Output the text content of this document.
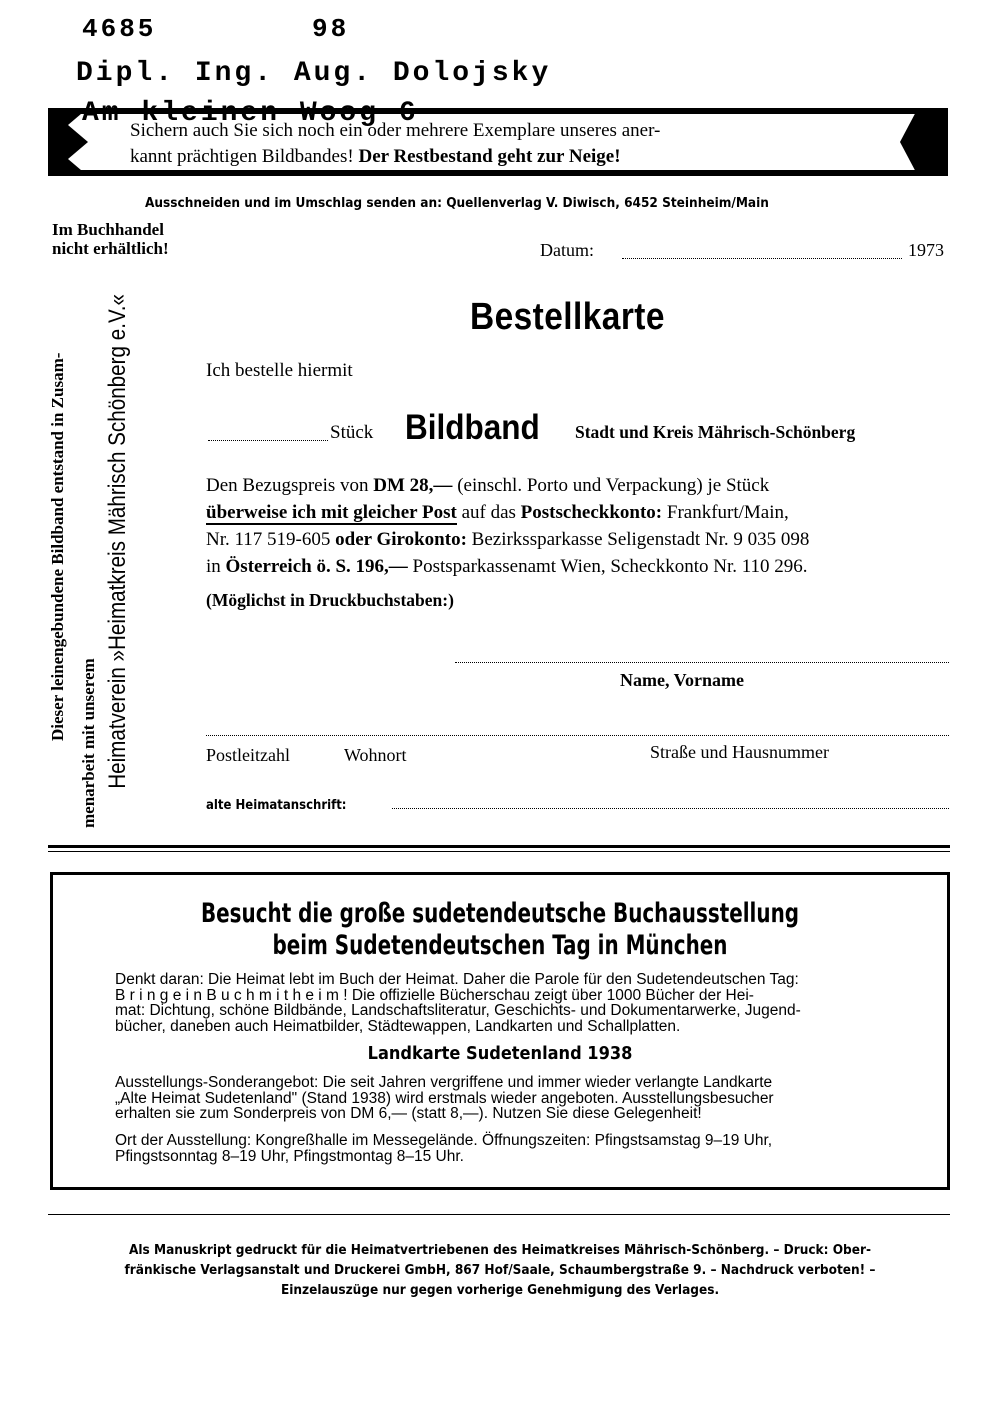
4685	98
Dipl. Ing. Aug. Dolojsky
Am kleinen Woog 6
Sichern auch Sie sich noch ein oder mehrere Exemplare unseres aner-
kannt prächtigen Bildbandes! Der Restbestand geht zur Neige!
Ausschneiden und im Umschlag senden an: Quellenverlag V. Diwisch, 6452 Steinheim/Main
Im Buchhandel
nicht erhältlich!	Datum:	1973
Dieser leinengebundene Bildband entstand in Zusam-
menarbeit mit unserem Heimatverein »Heimatkreis Mährisch Schönberg e.V.«	Bestellkarte
Ich bestelle hiermit
Stück Bildband Stadt und Kreis Mährisch-Schönberg
Den Bezugspreis von DM 28,— (einschl. Porto und Verpackung) je Stück
überweise ich mit gleicher Post auf das Postscheckkonto: Frankfurt/Main,
Nr. 117 519-605 oder Girokonto: Bezirkssparkasse Seligenstadt Nr. 9 035 098
in Österreich ö. S. 196,— Postsparkassenamt Wien, Scheckkonto Nr. 110 296.
(Möglichst in Druckbuchstaben:)
Name, Vorname
Postleitzahl	Wohnort	Straße und Hausnummer
alte Heimatanschrift:
Besucht die große sudetendeutsche Buchausstellung
beim Sudetendeutschen Tag in München
Denkt daran: Die Heimat lebt im Buch der Heimat. Daher die Parole für den Sudetendeutschen Tag:
B r i n g e i n B u c h m i t h e i m ! Die offizielle Bücherschau zeigt über 1000 Bücher der Hei-
mat: Dichtung, schöne Bildbände, Landschaftsliteratur, Geschichts- und Dokumentarwerke, Jugend-
bücher, daneben auch Heimatbilder, Städtewappen, Landkarten und Schallplatten.
Landkarte Sudetenland 1938
Ausstellungs-Sonderangebot: Die seit Jahren vergriffene und immer wieder verlangte Landkarte
„Alte Heimat Sudetenland" (Stand 1938) wird erstmals wieder angeboten. Ausstellungsbesucher
erhalten sie zum Sonderpreis von DM 6,— (statt 8,—). Nutzen Sie diese Gelegenheit!
Ort der Ausstellung: Kongreßhalle im Messegelände. Öffnungszeiten: Pfingstsamstag 9–19 Uhr,
Pfingstsonntag 8–19 Uhr, Pfingstmontag 8–15 Uhr.
Als Manuskript gedruckt für die Heimatvertriebenen des Heimatkreises Mährisch-Schönberg. – Druck: Ober-
fränkische Verlagsanstalt und Druckerei GmbH, 867 Hof/Saale, Schaumbergstraße 9. – Nachdruck verboten! –
Einzelauszüge nur gegen vorherige Genehmigung des Verlages.
